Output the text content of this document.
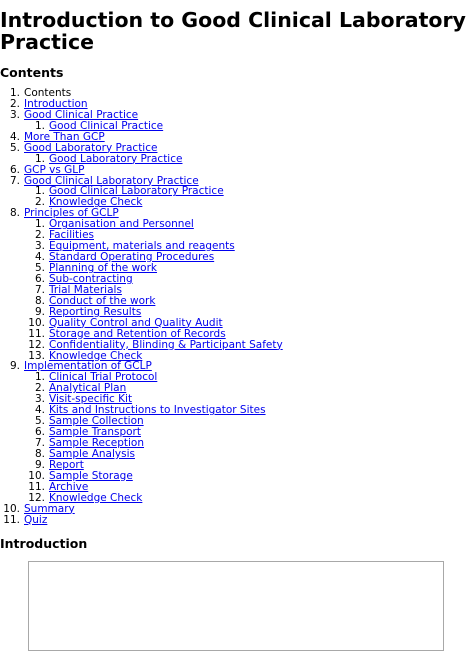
Introduction to Good Clinical Laboratory Practice
Contents
1. Contents
2. Introduction
3. Good Clinical Practice
1. Good Clinical Practice
4. More Than GCP
5. Good Laboratory Practice
1. Good Laboratory Practice
6. GCP vs GLP
7. Good Clinical Laboratory Practice
1. Good Clinical Laboratory Practice
2. Knowledge Check
8. Principles of GCLP
1. Organisation and Personnel
2. Facilities
3. Equipment, materials and reagents
4. Standard Operating Procedures
5. Planning of the work
6. Sub-contracting
7. Trial Materials
8. Conduct of the work
9. Reporting Results
10. Quality Control and Quality Audit
11. Storage and Retention of Records
12. Confidentiality, Blinding & Participant Safety
13. Knowledge Check
9. Implementation of GCLP
1. Clinical Trial Protocol
2. Analytical Plan
3. Visit-specific Kit
4. Kits and Instructions to Investigator Sites
5. Sample Collection
6. Sample Transport
7. Sample Reception
8. Sample Analysis
9. Report
10. Sample Storage
11. Archive
12. Knowledge Check
10. Summary
11. Quiz
Introduction
